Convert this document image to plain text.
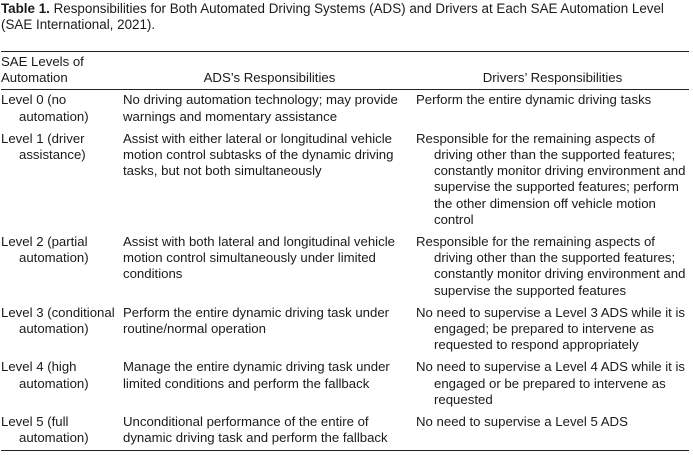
Table 1. Responsibilities for Both Automated Driving Systems (ADS) and Drivers at Each SAE Automation Level (SAE International, 2021).

SAE Levels of Automation	ADS’s Responsibilities	Drivers’ Responsibilities
Level 0 (no automation)	No driving automation technology; may provide warnings and momentary assistance	Perform the entire dynamic driving tasks
Level 1 (driver assistance)	Assist with either lateral or longitudinal vehicle motion control subtasks of the dynamic driving tasks, but not both simultaneously	Responsible for the remaining aspects of driving other than the supported features; constantly monitor driving environment and supervise the supported features; perform the other dimension off vehicle motion control
Level 2 (partial automation)	Assist with both lateral and longitudinal vehicle motion control simultaneously under limited conditions	Responsible for the remaining aspects of driving other than the supported features; constantly monitor driving environment and supervise the supported features
Level 3 (conditional automation)	Perform the entire dynamic driving task under routine/normal operation	No need to supervise a Level 3 ADS while it is engaged; be prepared to intervene as requested to respond appropriately
Level 4 (high automation)	Manage the entire dynamic driving task under limited conditions and perform the fallback	No need to supervise a Level 4 ADS while it is engaged or be prepared to intervene as requested
Level 5 (full automation)	Unconditional performance of the entire of dynamic driving task and perform the fallback	No need to supervise a Level 5 ADS
